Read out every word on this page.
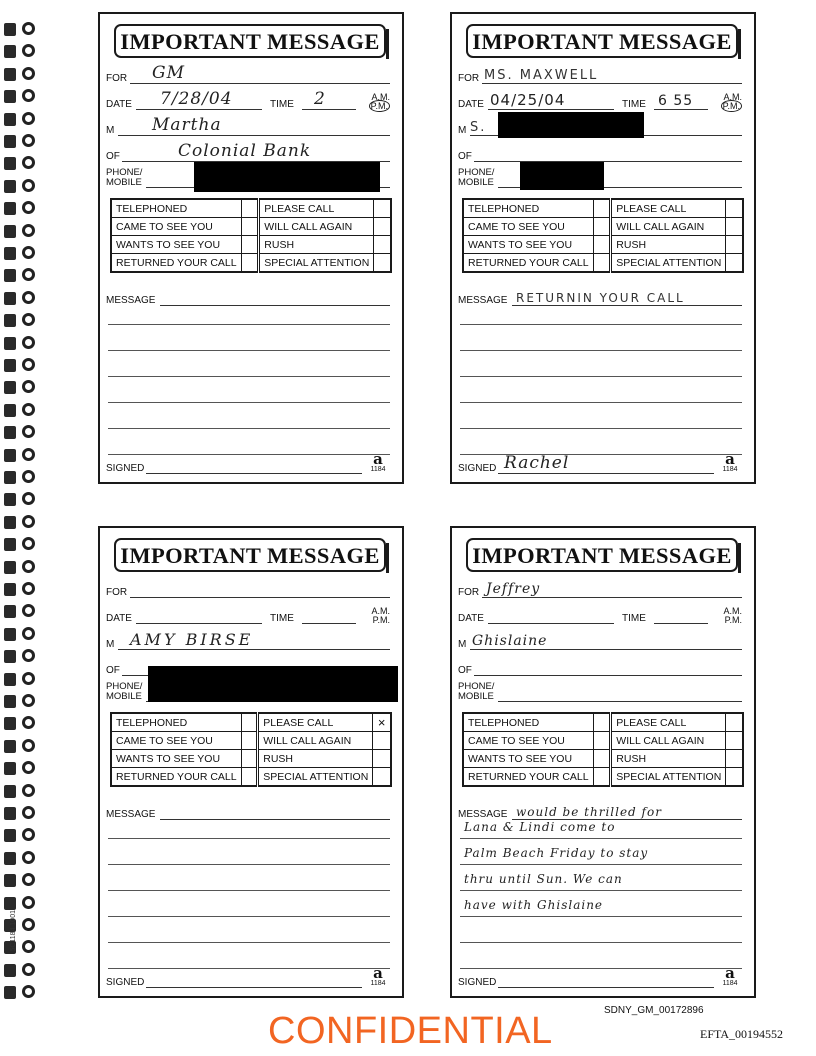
5C1184 1001
IMPORTANT MESSAGE
FOR GM
DATE 7/28/04	TIME 2	A.M.
P.M.
M Martha
OF	Colonial Bank
PHONE/
MOBILE
TELEPHONED		PLEASE CALL	
CAME TO SEE YOU		WILL CALL AGAIN	
WANTS TO SEE YOU		RUSH	
RETURNED YOUR CALL		SPECIAL ATTENTION	
MESSAGE
SIGNED
a
1184
IMPORTANT MESSAGE
FOR MS. MAXWELL
DATE 04/25/04	TIME 6 55	A.M.
P.M.
M S.
OF
PHONE/
MOBILE
TELEPHONED		PLEASE CALL	
CAME TO SEE YOU		WILL CALL AGAIN	
WANTS TO SEE YOU		RUSH	
RETURNED YOUR CALL		SPECIAL ATTENTION	
MESSAGE RETURNIN YOUR CALL
SIGNED Rachel	a
1184
IMPORTANT MESSAGE
FOR
DATE	TIME
A.M.
P.M.
M AMY BIRSE
OF
PHONE/
MOBILE
TELEPHONED		PLEASE CALL	×
CAME TO SEE YOU		WILL CALL AGAIN	
WANTS TO SEE YOU		RUSH	
RETURNED YOUR CALL		SPECIAL ATTENTION	
MESSAGE
SIGNED
a
1184
IMPORTANT MESSAGE
FOR Jeffrey
DATE	TIME
A.M.
P.M.
M Ghislaine
OF
PHONE/
MOBILE
TELEPHONED		PLEASE CALL	
CAME TO SEE YOU		WILL CALL AGAIN	
WANTS TO SEE YOU		RUSH	
RETURNED YOUR CALL		SPECIAL ATTENTION	
MESSAGE would be thrilled for
Lana & Lindi come to
Palm Beach Friday to stay
thru until Sun. We can
have with Ghislaine
SIGNED
a
1184
CONFIDENTIAL	SDNY_GM_00172896
EFTA_00194552
